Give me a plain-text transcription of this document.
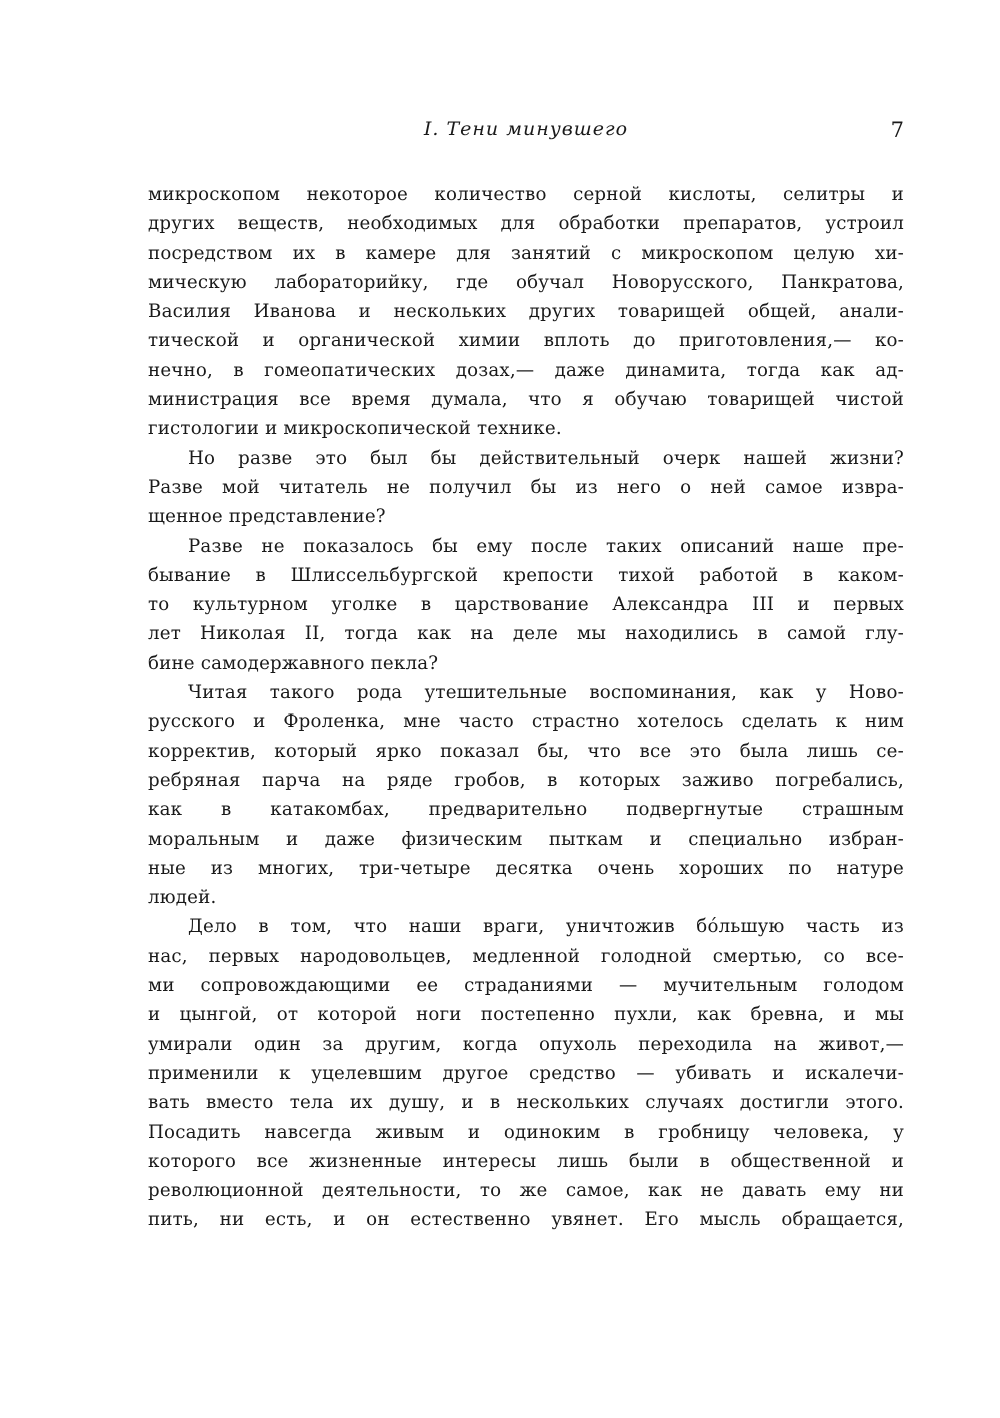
I. Тени минувшего	7
микроскопом некоторое количество серной кислоты, селитры и
других веществ, необходимых для обработки препаратов, устроил
посредством их в камере для занятий с микроскопом целую хи-
мическую лабораторийку, где обучал Новорусского, Панкратова,
Василия Иванова и нескольких других товарищей общей, анали-
тической и органической химии вплоть до приготовления,— ко-
нечно, в гомеопатических дозах,— даже динамита, тогда как ад-
министрация все время думала, что я обучаю товарищей чистой
гистологии и микроскопической технике.
Но разве это был бы действительный очерк нашей жизни?
Разве мой читатель не получил бы из него о ней самое извра-
щенное представление?
Разве не показалось бы ему после таких описаний наше пре-
бывание в Шлиссельбургской крепости тихой работой в каком-
то культурном уголке в царствование Александра III и первых
лет Николая II, тогда как на деле мы находились в самой глу-
бине самодержавного пекла?
Читая такого рода утешительные воспоминания, как у Ново-
русского и Фроленка, мне часто страстно хотелось сделать к ним
корректив, который ярко показал бы, что все это была лишь се-
ребряная парча на ряде гробов, в которых заживо погребались,
как в катакомбах, предварительно подвергнутые страшным
моральным и даже физическим пыткам и специально избран-
ные из многих, три-четыре десятка очень хороших по натуре
людей.
Дело в том, что наши враги, уничтожив бо́льшую часть из
нас, первых народовольцев, медленной голодной смертью, со все-
ми сопровождающими ее страданиями — мучительным голодом
и цынгой, от которой ноги постепенно пухли, как бревна, и мы
умирали один за другим, когда опухоль переходила на живот,—
применили к уцелевшим другое средство — убивать и искалечи-
вать вместо тела их душу, и в нескольких случаях достигли этого.
Посадить навсегда живым и одиноким в гробницу человека, у
которого все жизненные интересы лишь были в общественной и
революционной деятельности, то же самое, как не давать ему ни
пить, ни есть, и он естественно увянет. Его мысль обращается,
